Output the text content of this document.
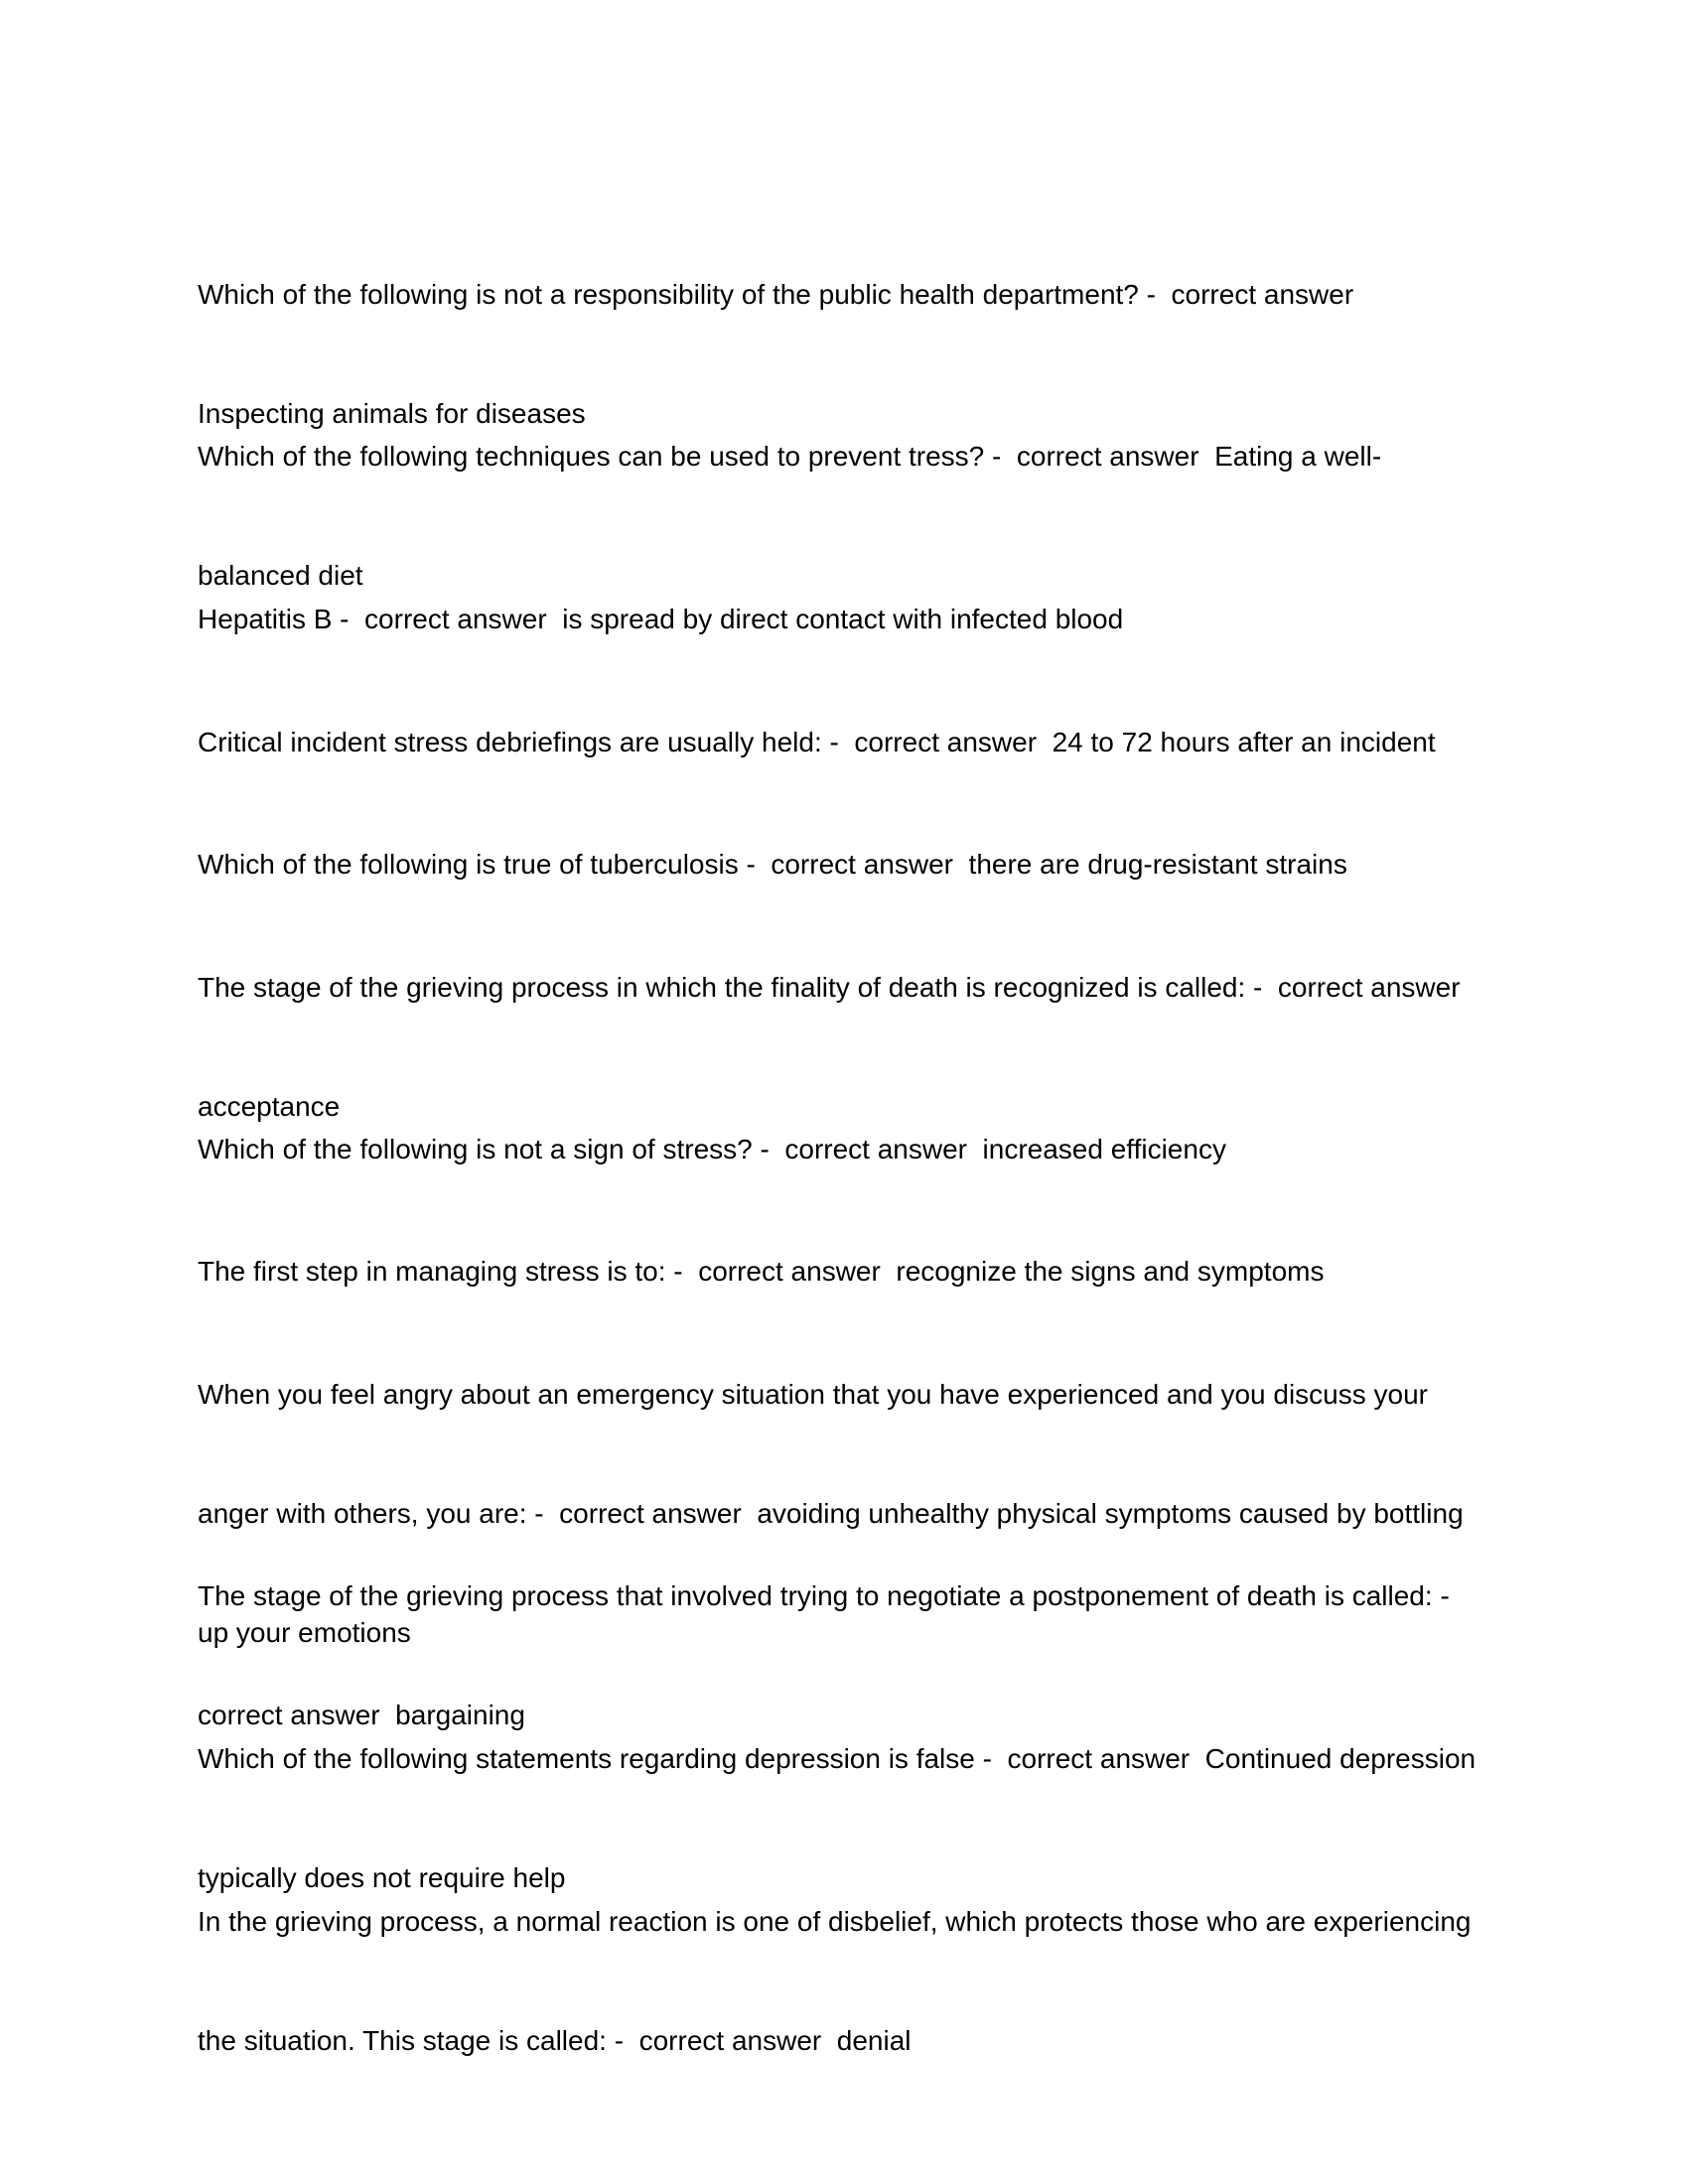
Which of the following is not a responsibility of the public health department? -  correct answer

Inspecting animals for diseases

Which of the following techniques can be used to prevent tress? -  correct answer  Eating a well-

balanced diet

Hepatitis B -  correct answer  is spread by direct contact with infected blood

Critical incident stress debriefings are usually held: -  correct answer  24 to 72 hours after an incident

Which of the following is true of tuberculosis -  correct answer  there are drug-resistant strains

The stage of the grieving process in which the finality of death is recognized is called: -  correct answer

acceptance

Which of the following is not a sign of stress? -  correct answer  increased efficiency

The first step in managing stress is to: -  correct answer  recognize the signs and symptoms

When you feel angry about an emergency situation that you have experienced and you discuss your

anger with others, you are: -  correct answer  avoiding unhealthy physical symptoms caused by bottling

up your emotions

The stage of the grieving process that involved trying to negotiate a postponement of death is called: -

correct answer  bargaining

Which of the following statements regarding depression is false -  correct answer  Continued depression

typically does not require help

In the grieving process, a normal reaction is one of disbelief, which protects those who are experiencing

the situation. This stage is called: -  correct answer  denial
